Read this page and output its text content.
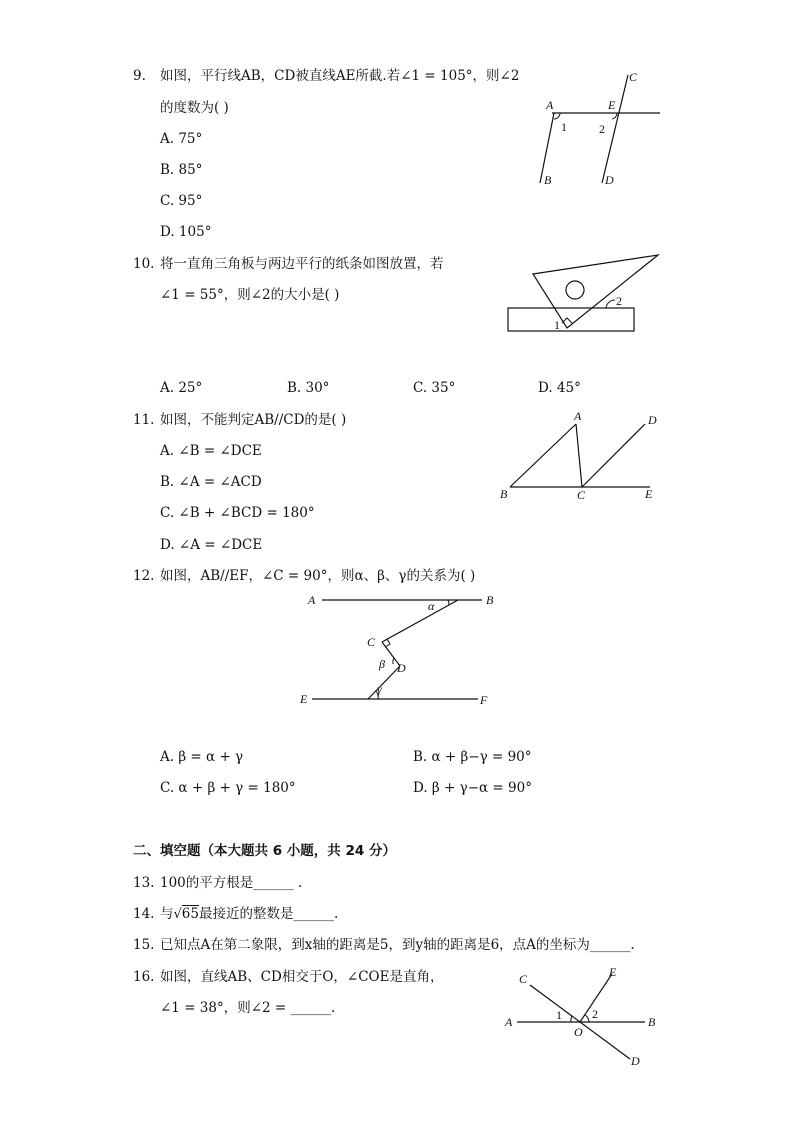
9. 如图，平行线AB，CD被直线AE所截.若∠1 = 105°，则∠2
的度数为( )
A. 75°
B. 85°
C. 95°
D. 105°
A
B
C
D
E
1	2
10. 将一直角三角板与两边平行的纸条如图放置，若
∠1 = 55°，则∠2的大小是( )
1
2
A. 25°	B. 30°	C. 35°	D. 45°
11. 如图，不能判定AB//CD的是( )
A. ∠B = ∠DCE
B. ∠A = ∠ACD
C. ∠B + ∠BCD = 180°
D. ∠A = ∠DCE
A
B	C
D
E
12. 如图，AB//EF，∠C = 90°，则α、β、γ的关系为( )
A	B
C
D
E	F
α
β
γ
A. β = α + γ	B. α + β−γ = 90°
C. α + β + γ = 180°	D. β + γ−α = 90°
二、填空题（本大题共 6 小题，共 24 分）
13. 100的平方根是______ .
14. 与√65最接近的整数是______.
15. 已知点A在第二象限，到x轴的距离是5，到y轴的距离是6，点A的坐标为______.
16. 如图，直线AB、CD相交于O，∠COE是直角，
∠1 = 38°，则∠2 = ______.
A	B
C
D
E
O
1	2
